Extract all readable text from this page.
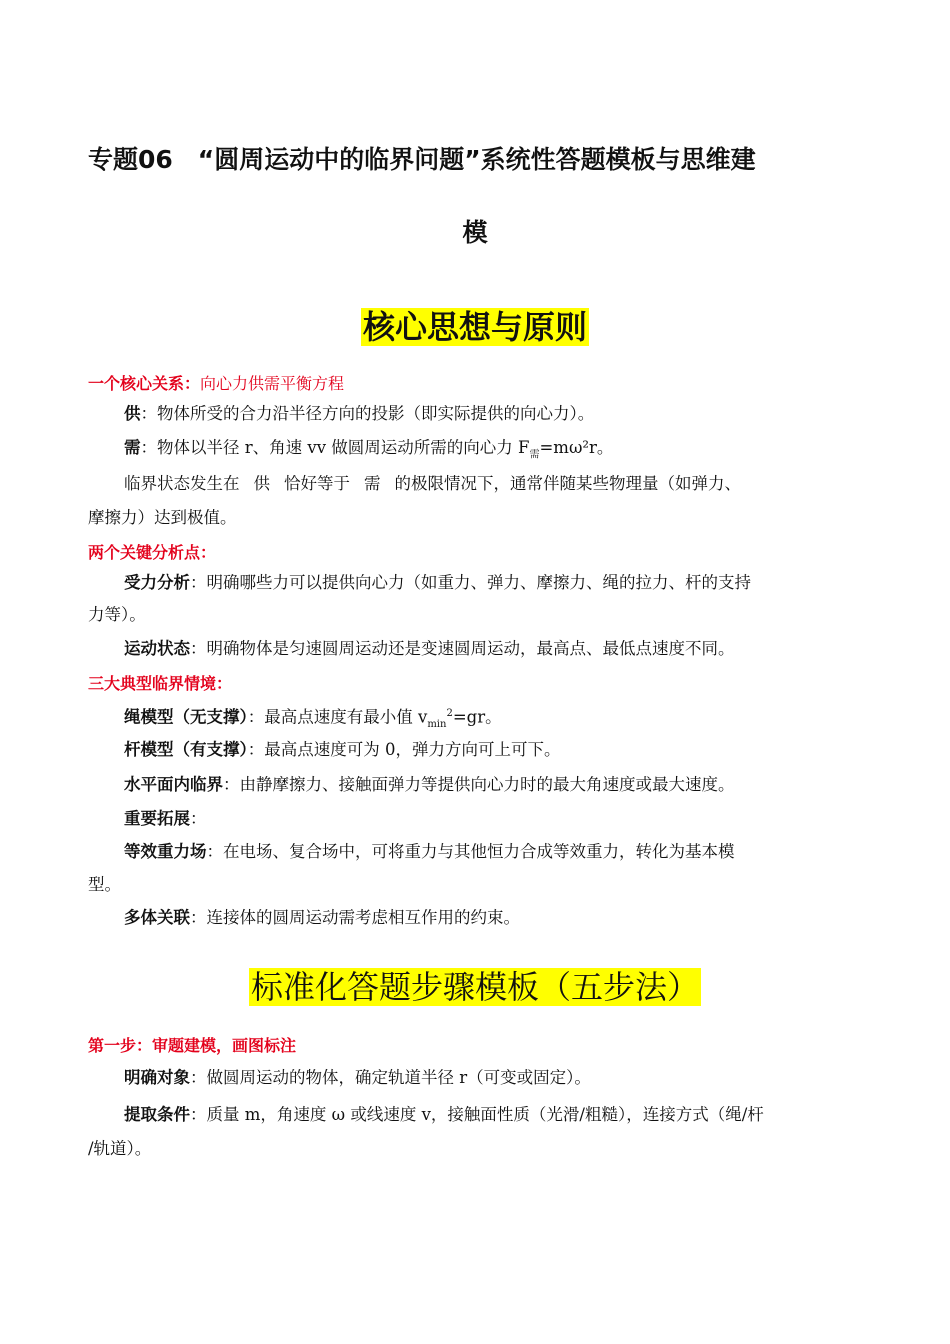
专题06　“圆周运动中的临界问题”系统性答题模板与思维建
模
核心思想与原则
一个核心关系：向心力供需平衡方程
供：物体所受的合力沿半径方向的投影（即实际提供的向心力）。
需：物体以半径 r、角速 vv 做圆周运动所需的向心力 $F_需=m\omega^2r$。
临界状态发生在 供 恰好等于 需 的极限情况下，通常伴随某些物理量（如弹力、
摩擦力）达到极值。
两个关键分析点：
受力分析：明确哪些力可以提供向心力（如重力、弹力、摩擦力、绳的拉力、杆的支持
力等）。
运动状态：明确物体是匀速圆周运动还是变速圆周运动，最高点、最低点速度不同。
三大典型临界情境：
绳模型（无支撑）：最高点速度有最小值 $v_{min}^2=gr$。
杆模型（有支撑）：最高点速度可为 0，弹力方向可上可下。
水平面内临界：由静摩擦力、接触面弹力等提供向心力时的最大角速度或最大速度。
重要拓展：
等效重力场：在电场、复合场中，可将重力与其他恒力合成等效重力，转化为基本模
型。
多体关联：连接体的圆周运动需考虑相互作用的约束。
标准化答题步骤模板（五步法）
第一步：审题建模，画图标注
明确对象：做圆周运动的物体，确定轨道半径 r（可变或固定）。
提取条件：质量 m，角速度 ω 或线速度 v，接触面性质（光滑/粗糙），连接方式（绳/杆
/轨道）。
